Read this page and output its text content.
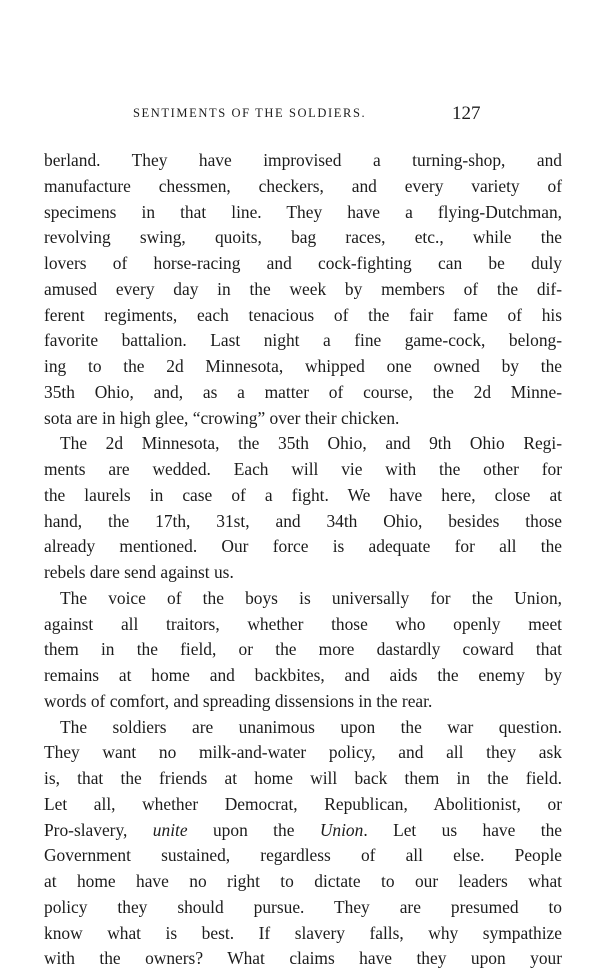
SENTIMENTS OF THE SOLDIERS.	127
berland. They have improvised a turning-shop, and
manufacture chessmen, checkers, and every variety of
specimens in that line. They have a flying-Dutchman,
revolving swing, quoits, bag races, etc., while the
lovers of horse-racing and cock-fighting can be duly
amused every day in the week by members of the dif-
ferent regiments, each tenacious of the fair fame of his
favorite battalion. Last night a fine game-cock, belong-
ing to the 2d Minnesota, whipped one owned by the
35th Ohio, and, as a matter of course, the 2d Minne-
sota are in high glee, “crowing” over their chicken.
The 2d Minnesota, the 35th Ohio, and 9th Ohio Regi-
ments are wedded. Each will vie with the other for
the laurels in case of a fight. We have here, close at
hand, the 17th, 31st, and 34th Ohio, besides those
already mentioned. Our force is adequate for all the
rebels dare send against us.
The voice of the boys is universally for the Union,
against all traitors, whether those who openly meet
them in the field, or the more dastardly coward that
remains at home and backbites, and aids the enemy by
words of comfort, and spreading dissensions in the rear.
The soldiers are unanimous upon the war question.
They want no milk-and-water policy, and all they ask
is, that the friends at home will back them in the field.
Let all, whether Democrat, Republican, Abolitionist, or
Pro-slavery, unite upon the Union. Let us have the
Government sustained, regardless of all else. People
at home have no right to dictate to our leaders what
policy they should pursue. They are presumed to
know what is best. If slavery falls, why sympathize
with the owners? What claims have they upon your
